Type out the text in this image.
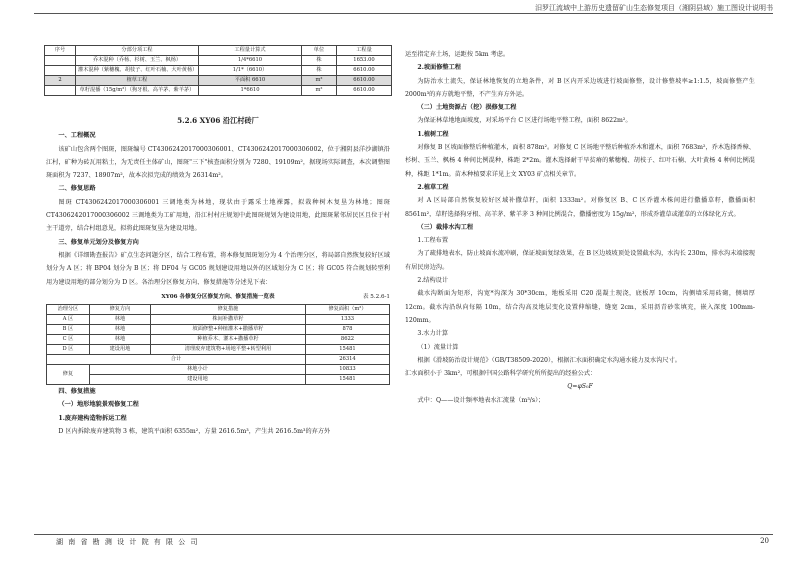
汨罗江流域中上游历史遗留矿山生态修复项目（湘阴县域）施工图设计说明书
序号	分部分项工程	工程量计算式	单位	工程量
	乔木混种（乔杨、杉树、玉兰、枫杨）	1/4*6610	株	1653.00
	灌木混种（紫穗槐、胡枝子、红叶石楠、大叶黄杨）	1/1*（6610）	株	6610.00
2	植草工程	平面积 6610	m²	6610.00
	草籽混播（15g/m²）（狗牙根、高羊茅、紫羊茅）	1*6610	m²	6610.00
5.2.6 XY06 沿江村砖厂
一、工程概况

该矿山包含两个图斑，图斑编号 CT4306242017000306001、CT4306242017000306002，位于湘阴县洋沙湖镇沿江村，矿种为砖瓦用粘土，为无责任主体矿山，图斑"三下"核查面积分别为 7280、19109m²，据现场实际调查，本次调整图斑面积为 7237、18907m²，故本次拟完成的绩效为 26314m²。

二、修复思路

图斑 CT4306242017000306001 三调地类为林地，现状由于露采土地裸露，拟栽种树木复垦为林地；图斑 CT4306242017000306002 三调地类为工矿用地，沿江村村庄规划中此图斑规划为建设用地，此图斑紧邻居民区且位于村主干道旁，结合村组意见，拟将此图斑复垦为建设用地。

三、修复单元划分及修复方向

根据《详细勘查报告》矿点生态问题分区，结合工程布置，将本修复图斑划分为 4 个治理分区，将局部自然恢复较好区域划分为 A 区；将 BP04 划分为 B 区；将 DF04 与 GC05 规划建设用地以外的区域划分为 C 区；将 GC05 符合规划转型利用为建设用地的部分划分为 D 区。各治理分区修复方向、修复措施等分述见下表：

XY06 各修复分区修复方向、修复措施一览表	表 5.2.6-1
治理分区	修复方向	修复措施	修复面积（m²）
A 区	林地	株间补撒草籽	1333
B 区	林地	坡面修整+种植灌木+撒播草籽	878
C 区	林地	种植乔木、灌木+撒播草籽	8622
D 区	建设用地	清理废弃建筑物+场地平整+转型利用	15481
合计			26314
修复	林地小计		10833
	建设用地		15481
四、修复措施
（一）地形地貌景观修复工程
1.废弃建构造物拆运工程

D 区内拆除废弃建筑物 3 栋，建筑平面积 6355m²，方量 2616.5m³，产生共 2616.5m³的弃方外

运至指定弃土场，运距按 5km 考虑。

2.坡面修整工程

为防治水土流失，保证林地恢复的立地条件，对 B 区内开采边坡进行坡面修整，设计修整坡率≥1:1.5，坡面修整产生 2000m³的弃方就地平整，不产生弃方外运。

（二）土地资源占（挖）损修复工程

为保证林草地地面坡度，对采场平台 C 区进行场地平整工程，面积 8622m²。

1.植树工程

对修复 B 区坡面修整后种植灌木，面积 878m²。对修复 C 区场地平整后种植乔木和灌木，面积 7683m²，乔木选择香樟、杉树、玉兰、枫杨 4 种间比例混种，株距 2*2m。灌木选择耐干旱贫瘠的紫穗槐、胡枝子、红叶石楠、大叶黄杨 4 种间比例混种，株距 1*1m。苗木种植要求详见上文 XY03 矿点相关章节。

2.植草工程

对 A 区局部自然恢复较好区域补撒草籽，面积 1333m²。对修复区 B、C 区乔灌木株间进行撒播草籽，撒播面积 8561m²，草籽选择狗牙根、高羊茅、紫羊茅 3 种间比例混合，撒播密度为 15g/m²，形成乔灌草或灌草的立体绿化方式。

（三）截排水沟工程
1.工程布置

为了疏排地表水，防止坡面水流冲刷，保证坡面复绿效果，在 B 区边坡坡顶处设置截水沟，水沟长 230m，排水沟末端接现有居民房边沟。

2.结构设计

截水沟断面为矩形，沟宽*沟深为 30*30cm，地板采用 C20 混凝土现浇，底板厚 10cm，沟侧墙采用砖砌，侧墙厚 12cm。截水沟沿纵向每隔 10m，结合沟高及地层变化设置伸缩缝，缝宽 2cm，采用沥青砂浆填充，嵌入深度 100mm-120mm。

3.水力计算
（1）流量计算

根据《滑坡防治设计规范》（GB/T38509-2020），根据汇水面积确定水沟通水能力及水沟尺寸。

汇水面积小于 3km²，可根据中国公路科学研究所所提出的经验公式：

Q=φS₀F

式中：Q——设计频率地表水汇流量（m³/s）；

湖 南 省 勘 测 设 计 院 有 限 公 司	20
